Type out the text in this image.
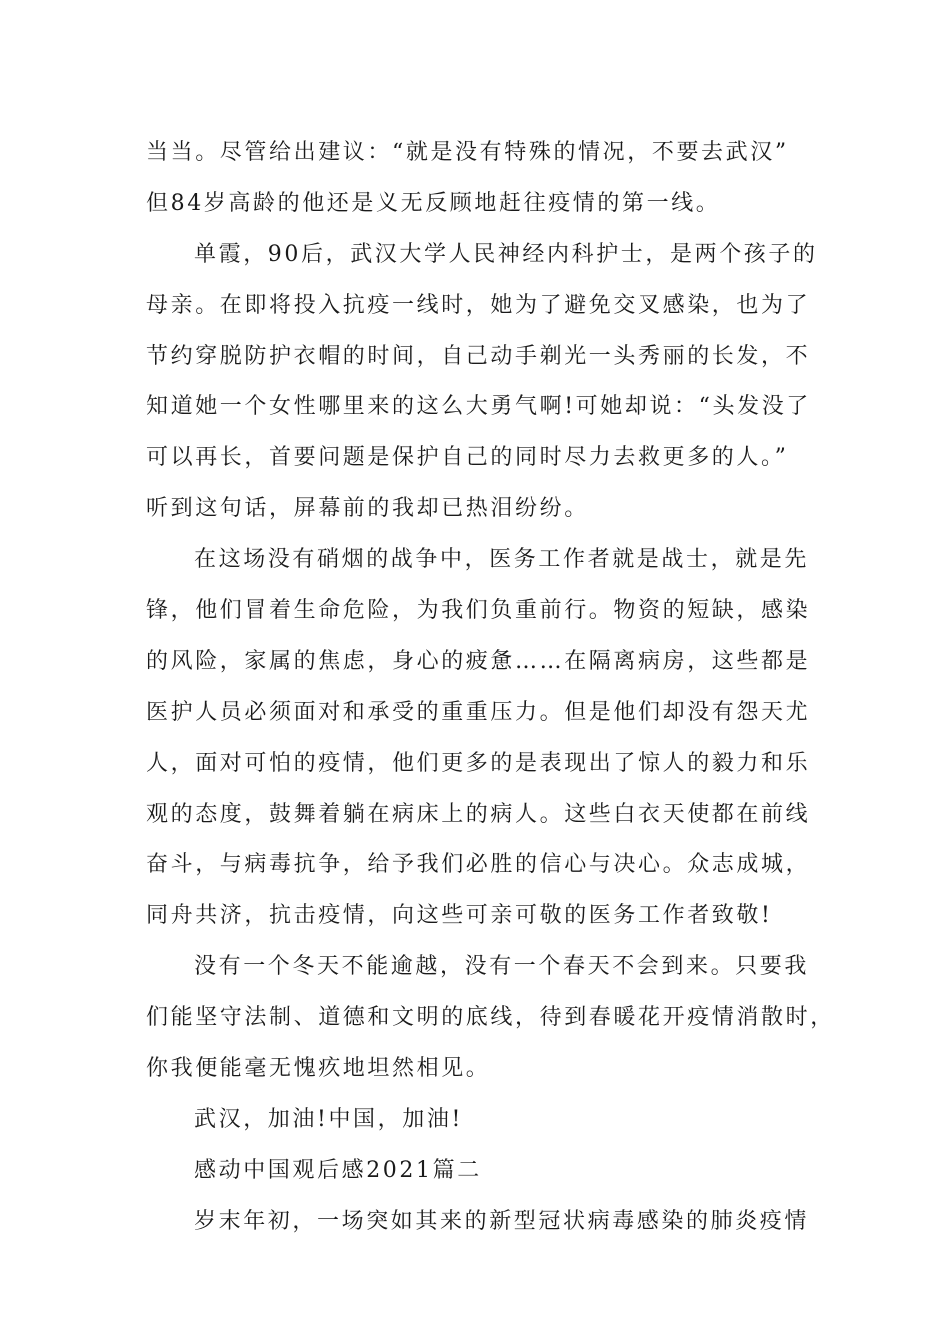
当当。尽管给出建议：“就是没有特殊的情况，不要去武汉”
但84岁高龄的他还是义无反顾地赶往疫情的第一线。
单霞，90后，武汉大学人民神经内科护士，是两个孩子的
母亲。在即将投入抗疫一线时，她为了避免交叉感染，也为了
节约穿脱防护衣帽的时间，自己动手剃光一头秀丽的长发，不
知道她一个女性哪里来的这么大勇气啊!可她却说：“头发没了
可以再长，首要问题是保护自己的同时尽力去救更多的人。”
听到这句话，屏幕前的我却已热泪纷纷。
在这场没有硝烟的战争中，医务工作者就是战士，就是先
锋，他们冒着生命危险，为我们负重前行。物资的短缺，感染
的风险，家属的焦虑，身心的疲惫……在隔离病房，这些都是
医护人员必须面对和承受的重重压力。但是他们却没有怨天尤
人，面对可怕的疫情，他们更多的是表现出了惊人的毅力和乐
观的态度，鼓舞着躺在病床上的病人。这些白衣天使都在前线
奋斗，与病毒抗争，给予我们必胜的信心与决心。众志成城，
同舟共济，抗击疫情，向这些可亲可敬的医务工作者致敬!
没有一个冬天不能逾越，没有一个春天不会到来。只要我
们能坚守法制、道德和文明的底线，待到春暖花开疫情消散时，
你我便能毫无愧疚地坦然相见。
武汉，加油!中国，加油!
感动中国观后感2021篇二
岁末年初，一场突如其来的新型冠状病毒感染的肺炎疫情
